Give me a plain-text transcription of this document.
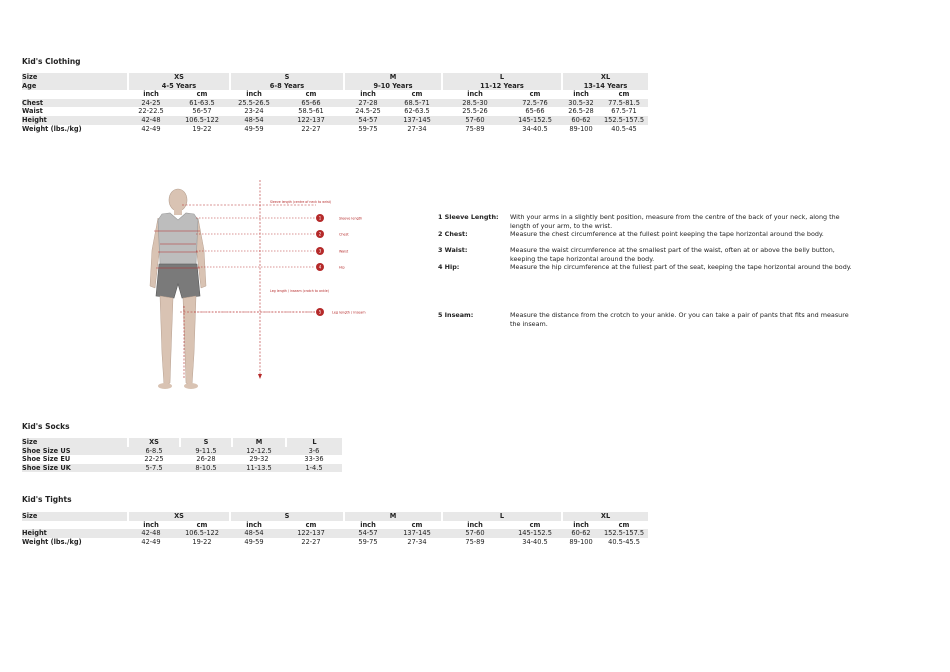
Kid's Clothing
Size	XS		S		M		L		XL	
Age	4-5 Years		6-8 Years		9-10 Years		11-12 Years		13-14 Years	
	inch	cm	inch	cm	inch	cm	inch	cm	inch	cm
Chest	24-25	61-63.5	25.5-26.5	65-66	27-28	68.5-71	28.5-30	72.5-76	30.5-32	77.5-81.5
Waist	22-22.5	56-57	23-24	58.5-61	24.5-25	62-63.5	25.5-26	65-66	26.5-28	67.5-71
Height	42-48	106.5-122	48-54	122-137	54-57	137-145	57-60	145-152.5	60-62	152.5-157.5
Weight (lbs./kg)	42-49	19-22	49-59	22-27	59-75	27-34	75-89	34-40.5	89-100	40.5-45
Sleeve length (centre of neck to wrist)
Leg length / inseam (crotch to ankle)
1	Sleeve length
2	Chest
3	Waist
4	Hip
5	Leg length / inseam
1 Sleeve Length: With your arms in a slightly bent position, measure from the centre of the back of your neck, along the length of your arm, to the wrist.
2 Chest:	Measure the chest circumference at the fullest point keeping the tape horizontal around the body.
3 Waist:	Measure the waist circumference at the smallest part of the waist, often at or above the belly button, keeping the tape horizontal around the body.
4 Hip:	Measure the hip circumference at the fullest part of the seat, keeping the tape horizontal around the body.
5 Inseam:	Measure the distance from the crotch to your ankle. Or you can take a pair of pants that fits and measure the inseam.
Kid's Socks
Size	XS	S	M	L
Shoe Size US	6-8.5	9-11.5	12-12.5	3-6
Shoe Size EU	22-25	26-28	29-32	33-36
Shoe Size UK	5-7.5	8-10.5	11-13.5	1-4.5
Kid's Tights
Size	XS		S		M		L		XL	
	inch	cm	inch	cm	inch	cm	inch	cm	inch	cm
Height	42-48	106.5-122	48-54	122-137	54-57	137-145	57-60	145-152.5	60-62	152.5-157.5
Weight (lbs./kg)	42-49	19-22	49-59	22-27	59-75	27-34	75-89	34-40.5	89-100	40.5-45.5
